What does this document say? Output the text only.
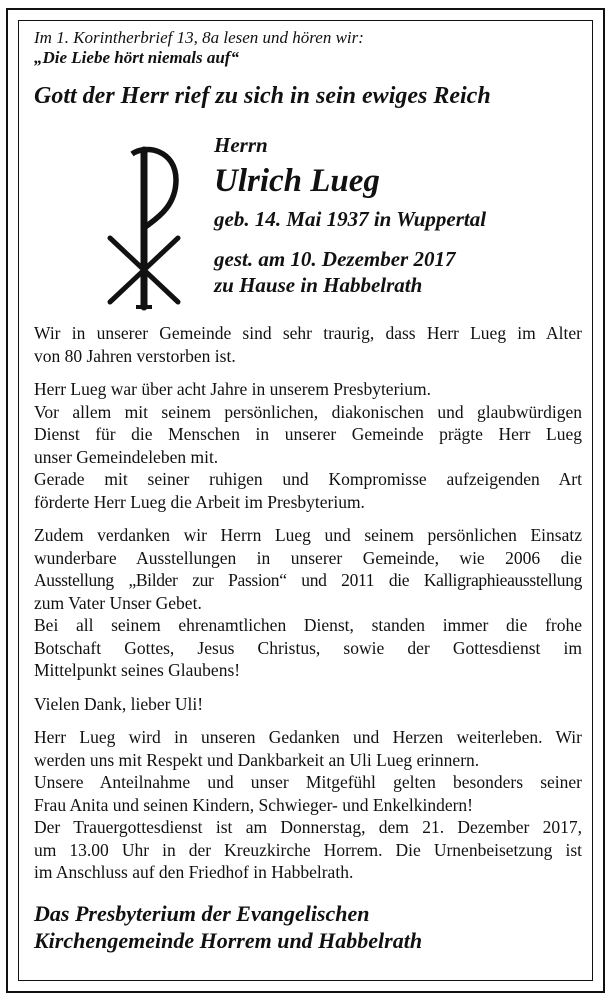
Im 1. Korintherbrief 13, 8a lesen und hören wir:

„Die Liebe hört niemals auf“

Gott der Herr rief zu sich in sein ewiges Reich

Herrn
Ulrich Lueg
geb. 14. Mai 1937 in Wuppertal
gest. am 10. Dezember 2017
zu Hause in Habbelrath
Wir in unserer Gemeinde sind sehr traurig, dass Herr Lueg im Alter
von 80 Jahren verstorben ist.
Herr Lueg war über acht Jahre in unserem Presbyterium.
Vor allem mit seinem persönlichen, diakonischen und glaubwürdigen
Dienst für die Menschen in unserer Gemeinde prägte Herr Lueg
unser Gemeindeleben mit.
Gerade mit seiner ruhigen und Kompromisse aufzeigenden Art
förderte Herr Lueg die Arbeit im Presbyterium.
Zudem verdanken wir Herrn Lueg und seinem persönlichen Einsatz
wunderbare Ausstellungen in unserer Gemeinde, wie 2006 die
Ausstellung „Bilder zur Passion“ und 2011 die Kalligraphieausstellung
zum Vater Unser Gebet.
Bei all seinem ehrenamtlichen Dienst, standen immer die frohe
Botschaft Gottes, Jesus Christus, sowie der Gottesdienst im
Mittelpunkt seines Glaubens!
Vielen Dank, lieber Uli!
Herr Lueg wird in unseren Gedanken und Herzen weiterleben. Wir
werden uns mit Respekt und Dankbarkeit an Uli Lueg erinnern.
Unsere Anteilnahme und unser Mitgefühl gelten besonders seiner
Frau Anita und seinen Kindern, Schwieger- und Enkelkindern!
Der Trauergottesdienst ist am Donnerstag, dem 21. Dezember 2017,
um 13.00 Uhr in der Kreuzkirche Horrem. Die Urnenbeisetzung ist
im Anschluss auf den Friedhof in Habbelrath.
Das Presbyterium der Evangelischen
Kirchengemeinde Horrem und Habbelrath
